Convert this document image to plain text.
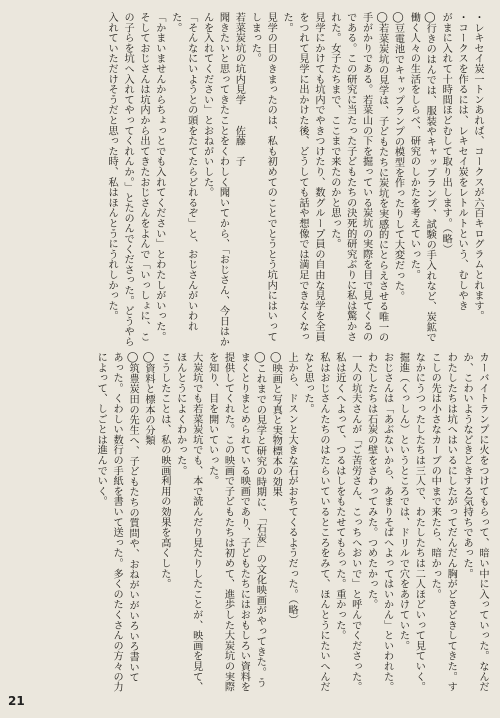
・レキセイ炭一トンあれば、コークスが六百キログラムとれます。

・コークスを作るには、レキセイ炭をレトルトという、むしやき

がまに入れて十時間ほどむして取り出します。（略）

◯行きのはんでは、服装やキャップランプ、試験の手入れなど、炭鉱で働く人々の生活をしらべ、研究のしかたを考えていった。

◯豆電池でキャップランプの模型を作ったりして大変だった。

◯若菜炭坑の見学は、子どもたちに炭坑を実感的にとらえさせる唯一の手がかりである。若菜山の下を掘っている炭坑の実際を目で見てくるのである。この研究に当たった子どもたちの決死的研究ぶりに私は驚かされた。女子たちまで、ここまで来たのかと思った。

見学にかけても坑内でやきつけたり、数グループ員の自由な見学を全員をつれて見学に出かけた後、どうしても話や想像では満足できなくなった。

見学の日のきまったのは、私も初めてのことでとうとう坑内にはいってしまった。

若菜炭坑の坑内見学　　佐藤　子

聞きたいと思ってきたことをくわしく聞いてから、「おじさん、今日はかんを入れてください」とおねがいした。

「そんなにいようとの頭をたてたらどれるぞ」と、おじさんがいわれた。

「かまいませんからちょっとでも入れてください」とわたしがいった。

そしておじさんは坑内から出てきたおじさんをよんで「いっしょに、この子らを坑へ入れてやってくれんか。」とたのんでくださった。どうやら入れていただけそうだと思った時、私はほんとうにうれしかった。

カーバイトランプに火をつけてもらって、暗い中に入っていった。なんだか、こわいようなどきどきする気持ちであった。

わたしたちは坑へはいるにしたがってだんだん胸がどきどきしてきた。すこしの先は小さなカーブの中まで来たら、暗かった。

なかにうつったしたちは三人で、わたしたちは二人ほどいって見ていく。

掘進（くっしん）というところでは、ドリルで穴をあけていた。

おじさんは「あぶないから、あまりそばへよってはいかん」といわれた。

わたしたちは石炭の壁をさわってみた。つめたかった。

一人の坑夫さんが「ご苦労さん、こっちへおいで」と呼んでくださった。

私は近くへよって、つるはしをもたせてもらった。重かった。

私はおじさんたちのはたらいているところをみて、ほんとうにたいへんだなと思った。

上から、ドスンと大きな石がおちてくるようだった。（略）

◯映画と写真と実物標本の効果

◯これまでの見学と研究の時期に、「石炭」の文化映画がやってきた。うまくとりまとめられている映画であり、子どもたちにはおもしろい資料を提供してくれた。この映画で子どもたちは初めて、進歩した大炭坑の実際を知り、目を開いていった。

大炭坑でも若菜炭坑でも、本で読んだり見たりしたことが、映画を見て、ほんとうによくわかった。

こうしたことは、私の映画利用の効果を高くした。

◯資料と標本の分類

◯筑豊炭田の先生へ、子どもたちの質問や、おねがいがいろいろ書いてあった。くわしい数行の手紙を書いて送った。多くのたくさんの方々の力によって、しごとは進んでいく。

21
